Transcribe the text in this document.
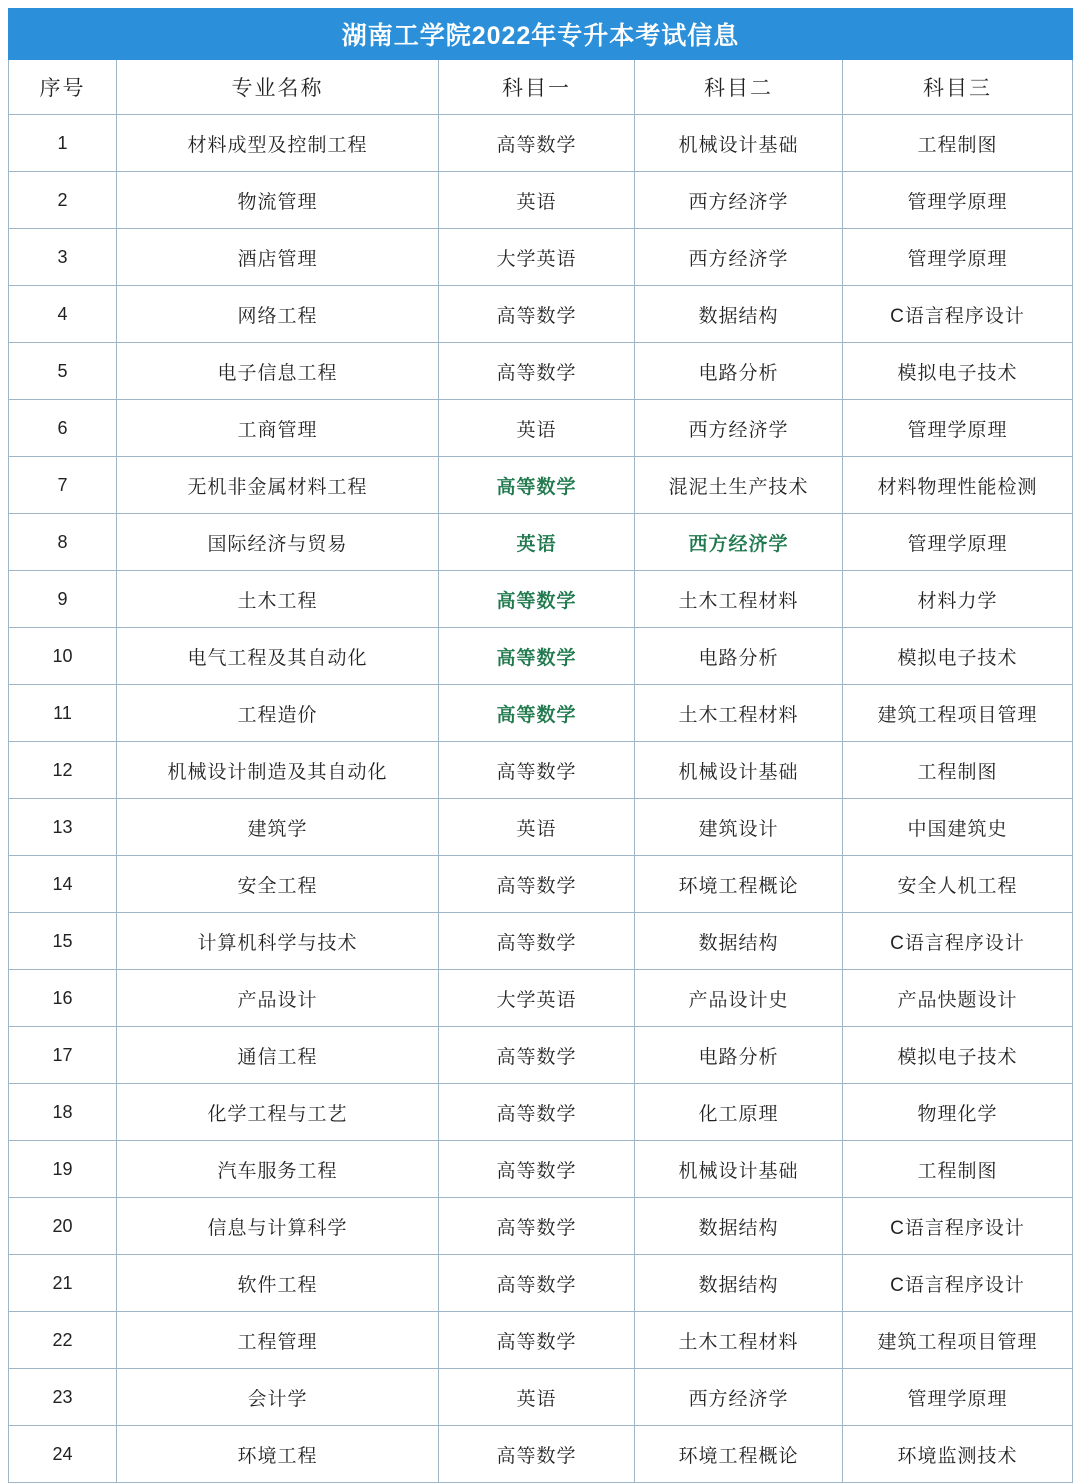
湖南工学院2022年专升本考试信息				
序号	专业名称	科目一	科目二	科目三
1	材料成型及控制工程	高等数学	机械设计基础	工程制图
2	物流管理	英语	西方经济学	管理学原理
3	酒店管理	大学英语	西方经济学	管理学原理
4	网络工程	高等数学	数据结构	C语言程序设计
5	电子信息工程	高等数学	电路分析	模拟电子技术
6	工商管理	英语	西方经济学	管理学原理
7	无机非金属材料工程	高等数学	混泥土生产技术	材料物理性能检测
8	国际经济与贸易	英语	西方经济学	管理学原理
9	土木工程	高等数学	土木工程材料	材料力学
10	电气工程及其自动化	高等数学	电路分析	模拟电子技术
11	工程造价	高等数学	土木工程材料	建筑工程项目管理
12	机械设计制造及其自动化	高等数学	机械设计基础	工程制图
13	建筑学	英语	建筑设计	中国建筑史
14	安全工程	高等数学	环境工程概论	安全人机工程
15	计算机科学与技术	高等数学	数据结构	C语言程序设计
16	产品设计	大学英语	产品设计史	产品快题设计
17	通信工程	高等数学	电路分析	模拟电子技术
18	化学工程与工艺	高等数学	化工原理	物理化学
19	汽车服务工程	高等数学	机械设计基础	工程制图
20	信息与计算科学	高等数学	数据结构	C语言程序设计
21	软件工程	高等数学	数据结构	C语言程序设计
22	工程管理	高等数学	土木工程材料	建筑工程项目管理
23	会计学	英语	西方经济学	管理学原理
24	环境工程	高等数学	环境工程概论	环境监测技术
